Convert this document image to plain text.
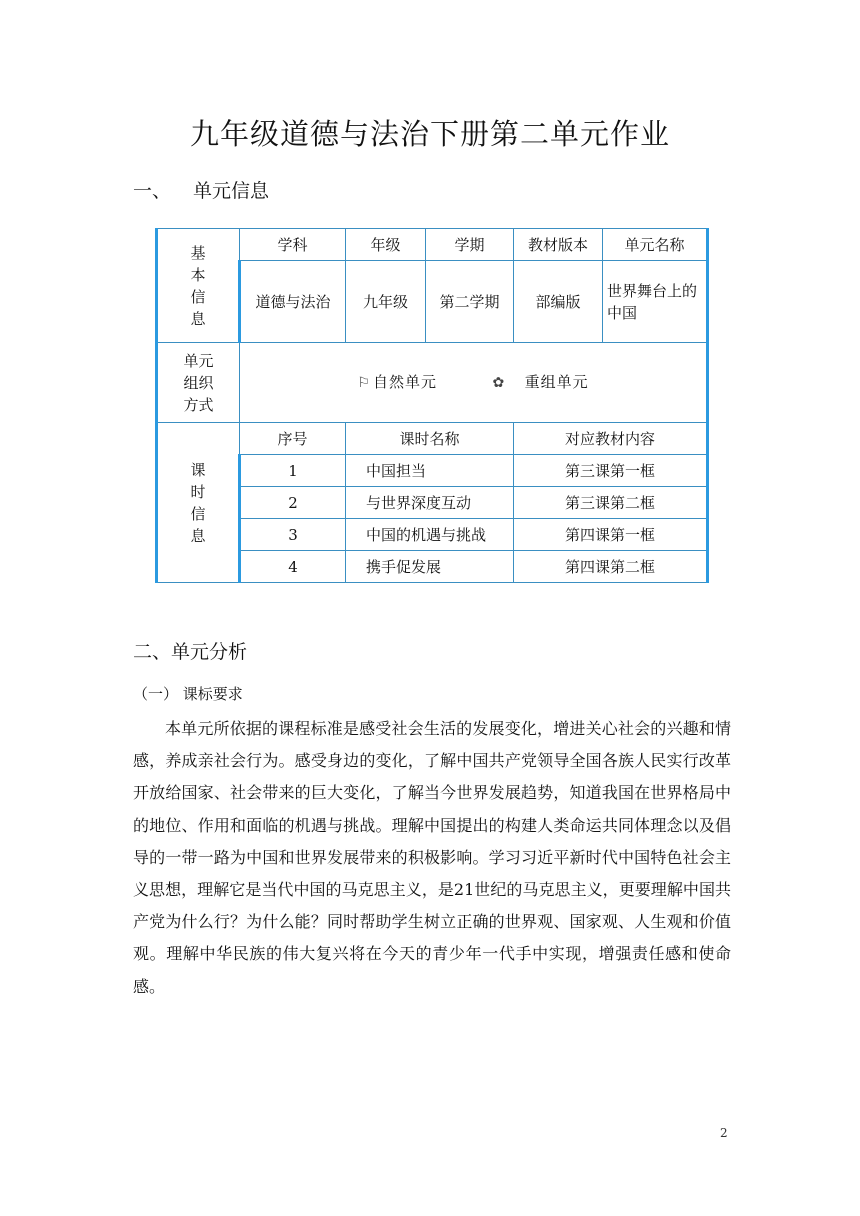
九年级道德与法治下册第二单元作业
一、 单元信息
基
本
信
息	学科	年级	学期	教材版本	单元名称
	道德与法治	九年级	第二学期	部编版	世界舞台上的中国

单元
组织
方式	⚐ 自然单元 ✿ 重组单元				

课
时
信
息	序号	课时名称		对应教材内容	
	1	中国担当		第三课第一框	
	2	与世界深度互动		第三课第二框	
	3	中国的机遇与挑战		第四课第一框	
	4	携手促发展		第四课第二框	
二、单元分析
（一） 课标要求
本单元所依据的课程标准是感受社会生活的发展变化，增进关心社会的兴趣和情感，养成亲社会行为。感受身边的变化，了解中国共产党领导全国各族人民实行改革开放给国家、社会带来的巨大变化，了解当今世界发展趋势，知道我国在世界格局中的地位、作用和面临的机遇与挑战。理解中国提出的构建人类命运共同体理念以及倡导的一带一路为中国和世界发展带来的积极影响。学习习近平新时代中国特色社会主义思想，理解它是当代中国的马克思主义，是21世纪的马克思主义，更要理解中国共产党为什么行？为什么能？同时帮助学生树立正确的世界观、国家观、人生观和价值观。理解中华民族的伟大复兴将在今天的青少年一代手中实现，增强责任感和使命感。
2
